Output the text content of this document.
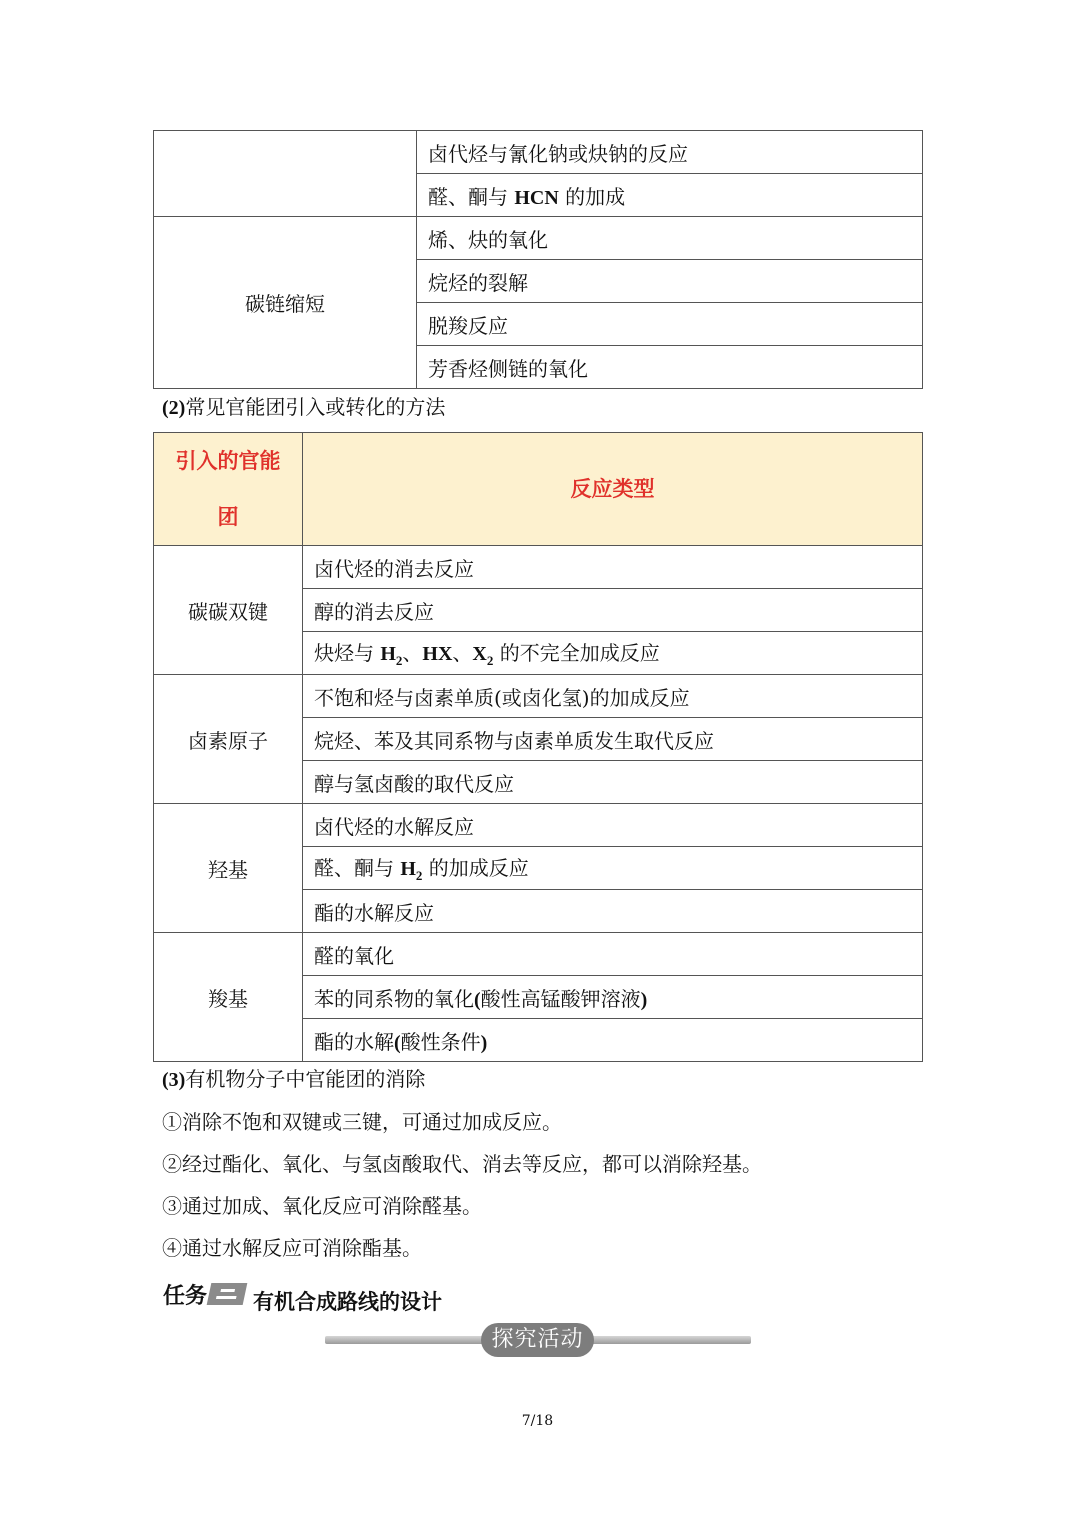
	卤代烃与氰化钠或炔钠的反应
	醛、酮与 HCN 的加成
碳链缩短	烯、炔的氧化
	烷烃的裂解
	脱羧反应
	芳香烃侧链的氧化
(2)常见官能团引入或转化的方法
引入的官能
团	反应类型
碳碳双键	卤代烃的消去反应
	醇的消去反应
	炔烃与 $H_2$、HX、$X_2$ 的不完全加成反应
卤素原子	不饱和烃与卤素单质(或卤化氢)的加成反应
	烷烃、苯及其同系物与卤素单质发生取代反应
	醇与氢卤酸的取代反应
羟基	卤代烃的水解反应
	醛、酮与 $H_2$ 的加成反应
	酯的水解反应
羧基	醛的氧化
	苯的同系物的氧化(酸性高锰酸钾溶液)
	酯的水解(酸性条件)
(3)有机物分子中官能团的消除
①消除不饱和双键或三键，可通过加成反应。
②经过酯化、氧化、与氢卤酸取代、消去等反应，都可以消除羟基。
③通过加成、氧化反应可消除醛基。
④通过水解反应可消除酯基。
任务 有机合成路线的设计
探究活动
7/18
